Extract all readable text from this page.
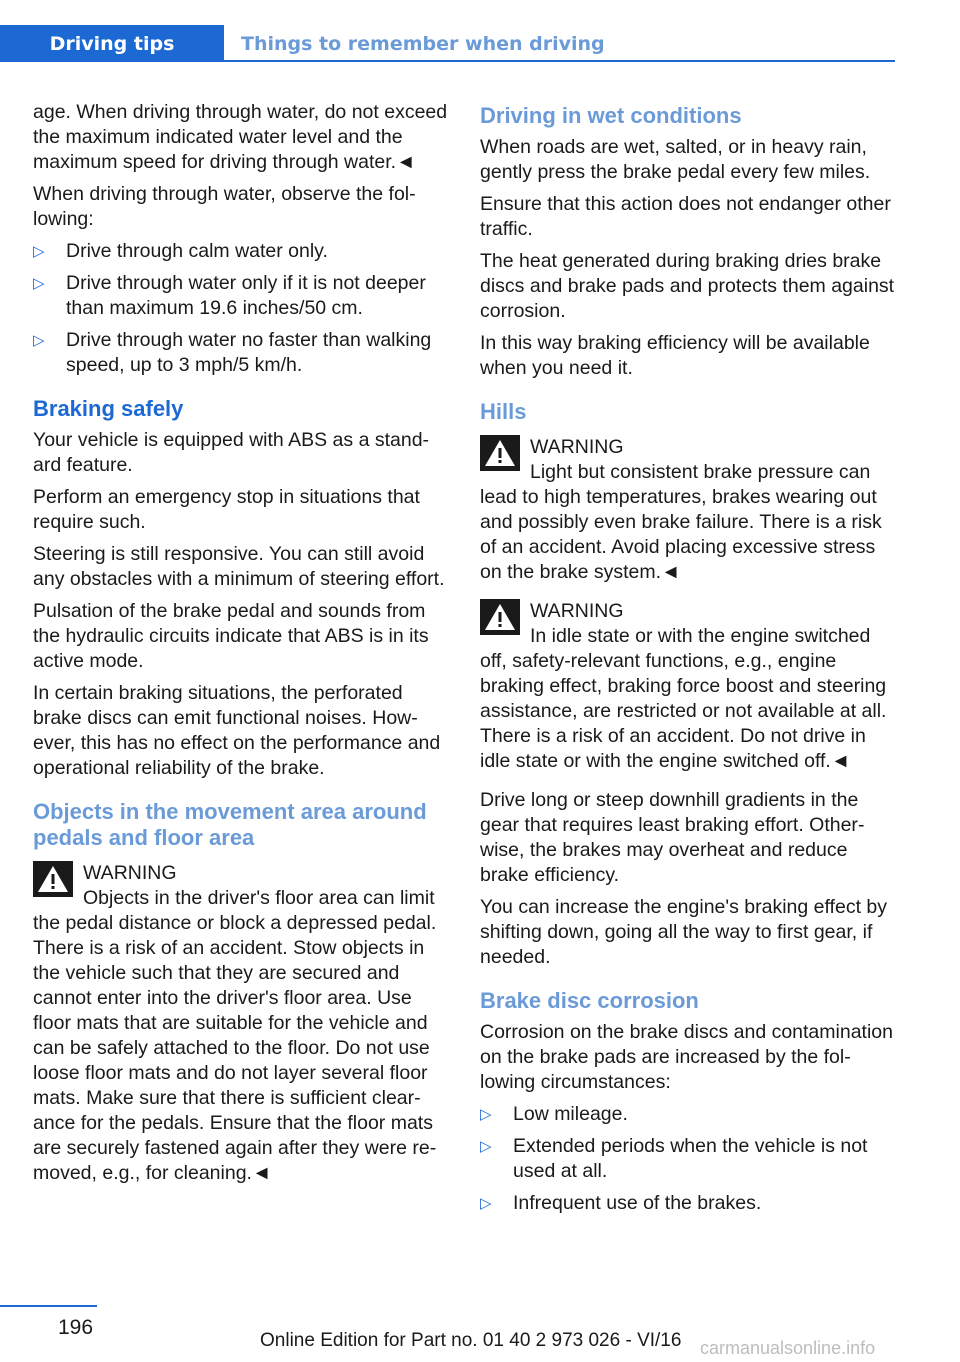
Driving tips	Things to remember when driving

age. When driving through water, do not exceed the maximum indicated water level and the maximum speed for driving through water.◄

When driving through water, observe the following:

▷ Drive through calm water only.
▷ Drive through water only if it is not deeper than maximum 19.6 inches/50 cm.
▷ Drive through water no faster than walking speed, up to 3 mph/5 km/h.
Braking safely

Your vehicle is equipped with ABS as a standard feature.

Perform an emergency stop in situations that require such.

Steering is still responsive. You can still avoid any obstacles with a minimum of steering effort.

Pulsation of the brake pedal and sounds from the hydraulic circuits indicate that ABS is in its active mode.

In certain braking situations, the perforated brake discs can emit functional noises. However, this has no effect on the performance and operational reliability of the brake.

Objects in the movement area around pedals and floor area
WARNING
Objects in the driver's floor area can limit
the pedal distance or block a depressed pedal. There is a risk of an accident. Stow objects in the vehicle such that they are secured and cannot enter into the driver's floor area. Use floor mats that are suitable for the vehicle and can be safely attached to the floor. Do not use loose floor mats and do not layer several floor mats. Make sure that there is sufficient clearance for the pedals. Ensure that the floor mats are securely fastened again after they were removed, e.g., for cleaning.◄
Driving in wet conditions

When roads are wet, salted, or in heavy rain, gently press the brake pedal every few miles.

Ensure that this action does not endanger other traffic.

The heat generated during braking dries brake discs and brake pads and protects them against corrosion.

In this way braking efficiency will be available when you need it.

Hills
WARNING
Light but consistent brake pressure can
lead to high temperatures, brakes wearing out and possibly even brake failure. There is a risk of an accident. Avoid placing excessive stress on the brake system.◄
WARNING
In idle state or with the engine switched
off, safety-relevant functions, e.g., engine braking effect, braking force boost and steering assistance, are restricted or not available at all. There is a risk of an accident. Do not drive in idle state or with the engine switched off.◄

Drive long or steep downhill gradients in the gear that requires least braking effort. Otherwise, the brakes may overheat and reduce brake efficiency.

You can increase the engine's braking effect by shifting down, going all the way to first gear, if needed.

Brake disc corrosion

Corrosion on the brake discs and contamination on the brake pads are increased by the following circumstances:

▷ Low mileage.
▷ Extended periods when the vehicle is not used at all.
▷ Infrequent use of the brakes.
196
Online Edition for Part no. 01 40 2 973 026 - VI/16 carmanualsonline.info
